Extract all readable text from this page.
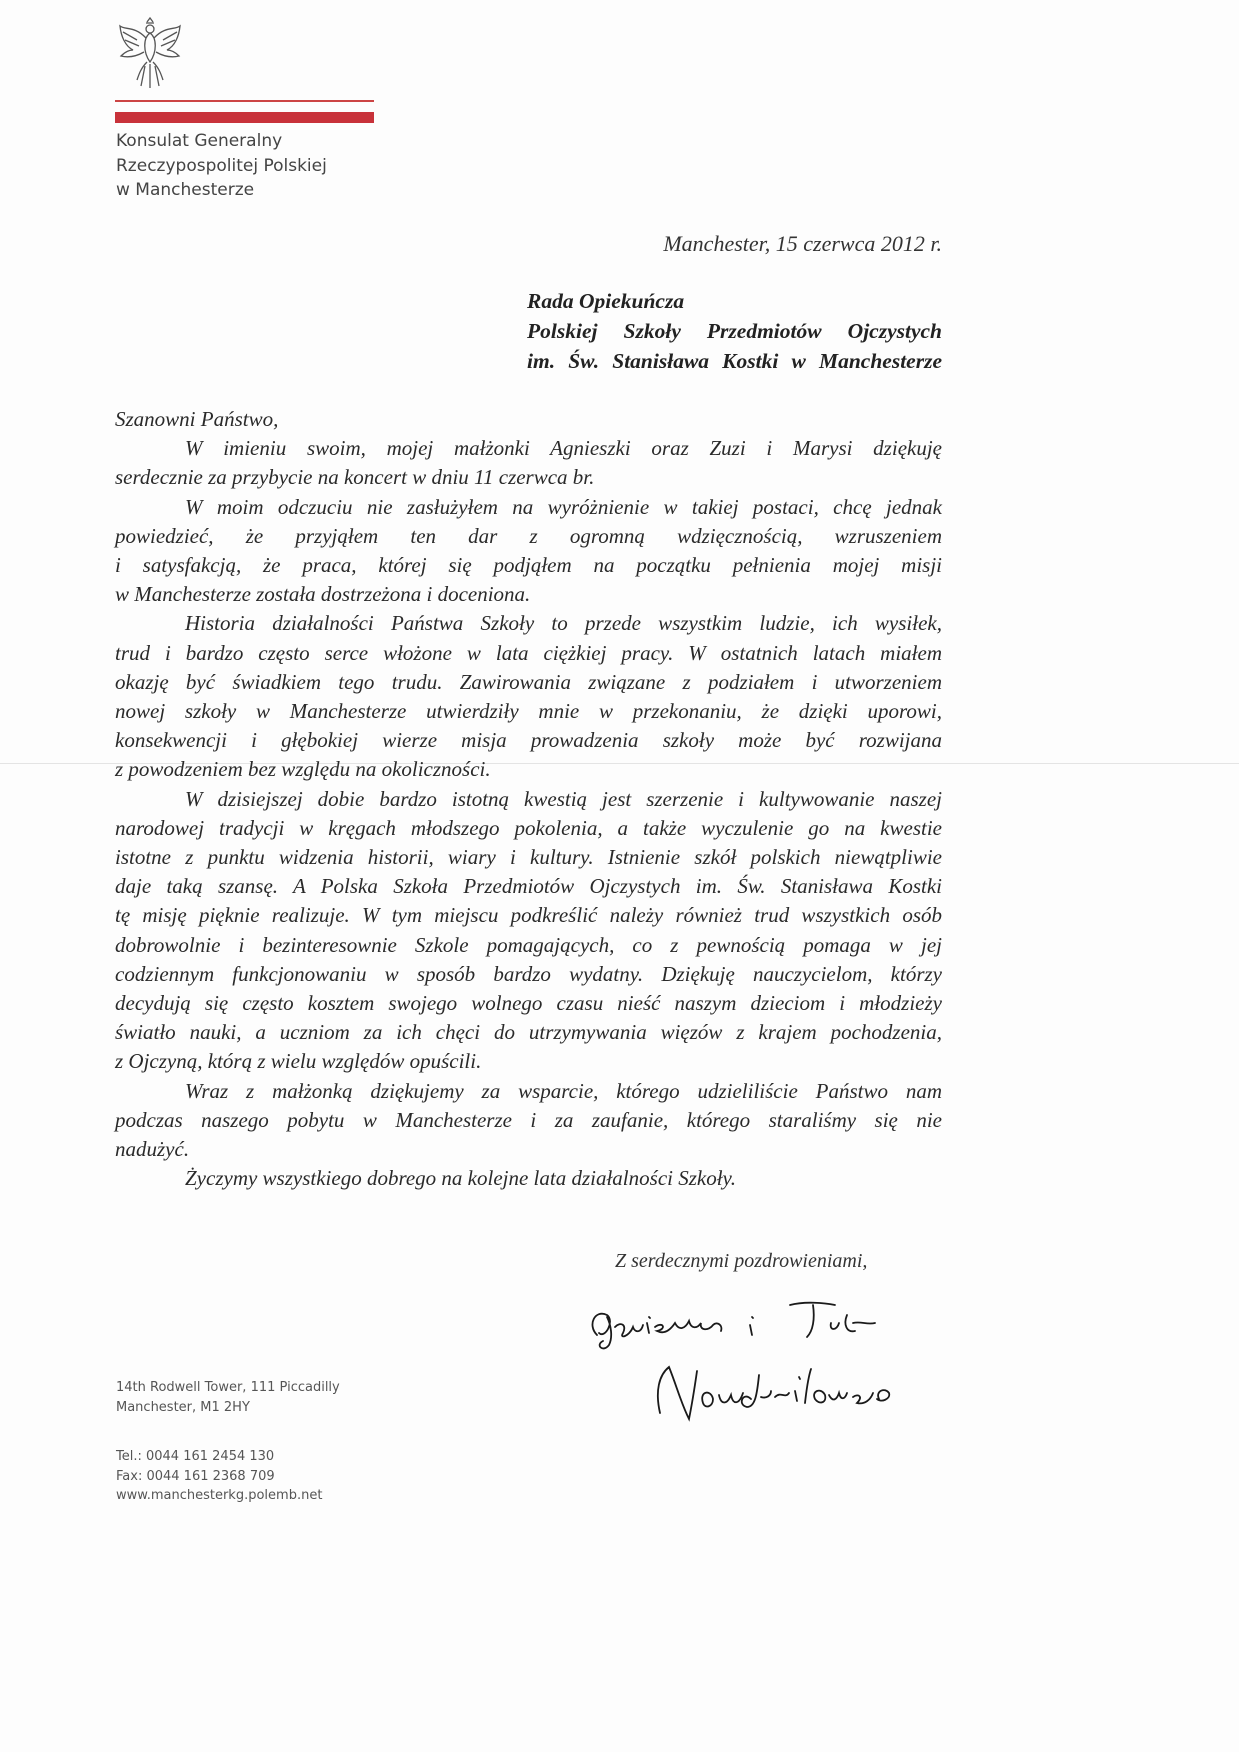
Konsulat Generalny
Rzeczypospolitej Polskiej
w Manchesterze
Manchester, 15 czerwca 2012 r.
Rada Opiekuńcza
Polskiej Szkoły Przedmiotów Ojczystych
im. Św. Stanisława Kostki w Manchesterze
Szanowni Państwo,
W imieniu swoim, mojej małżonki Agnieszki oraz Zuzi i Marysi dziękuję
serdecznie za przybycie na koncert w dniu 11 czerwca br.
W moim odczuciu nie zasłużyłem na wyróżnienie w takiej postaci, chcę jednak
powiedzieć, że przyjąłem ten dar z ogromną wdzięcznością, wzruszeniem
i satysfakcją, że praca, której się podjąłem na początku pełnienia mojej misji
w Manchesterze została dostrzeżona i doceniona.
Historia działalności Państwa Szkoły to przede wszystkim ludzie, ich wysiłek,
trud i bardzo często serce włożone w lata ciężkiej pracy. W ostatnich latach miałem
okazję być świadkiem tego trudu. Zawirowania związane z podziałem i utworzeniem
nowej szkoły w Manchesterze utwierdziły mnie w przekonaniu, że dzięki uporowi,
konsekwencji i głębokiej wierze misja prowadzenia szkoły może być rozwijana
z powodzeniem bez względu na okoliczności.
W dzisiejszej dobie bardzo istotną kwestią jest szerzenie i kultywowanie naszej
narodowej tradycji w kręgach młodszego pokolenia, a także wyczulenie go na kwestie
istotne z punktu widzenia historii, wiary i kultury. Istnienie szkół polskich niewątpliwie
daje taką szansę. A Polska Szkoła Przedmiotów Ojczystych im. Św. Stanisława Kostki
tę misję pięknie realizuje. W tym miejscu podkreślić należy również trud wszystkich osób
dobrowolnie i bezinteresownie Szkole pomagających, co z pewnością pomaga w jej
codziennym funkcjonowaniu w sposób bardzo wydatny. Dziękuję nauczycielom, którzy
decydują się często kosztem swojego wolnego czasu nieść naszym dzieciom i młodzieży
światło nauki, a uczniom za ich chęci do utrzymywania więzów z krajem pochodzenia,
z Ojczyną, którą z wielu względów opuścili.
Wraz z małżonką dziękujemy za wsparcie, którego udzieliliście Państwo nam
podczas naszego pobytu w Manchesterze i za zaufanie, którego staraliśmy się nie
nadużyć.
Życzymy wszystkiego dobrego na kolejne lata działalności Szkoły.
Z serdecznymi pozdrowieniami,
14th Rodwell Tower, 111 Piccadilly
Manchester, M1 2HY
Tel.: 0044 161 2454 130
Fax: 0044 161 2368 709
www.manchesterkg.polemb.net
